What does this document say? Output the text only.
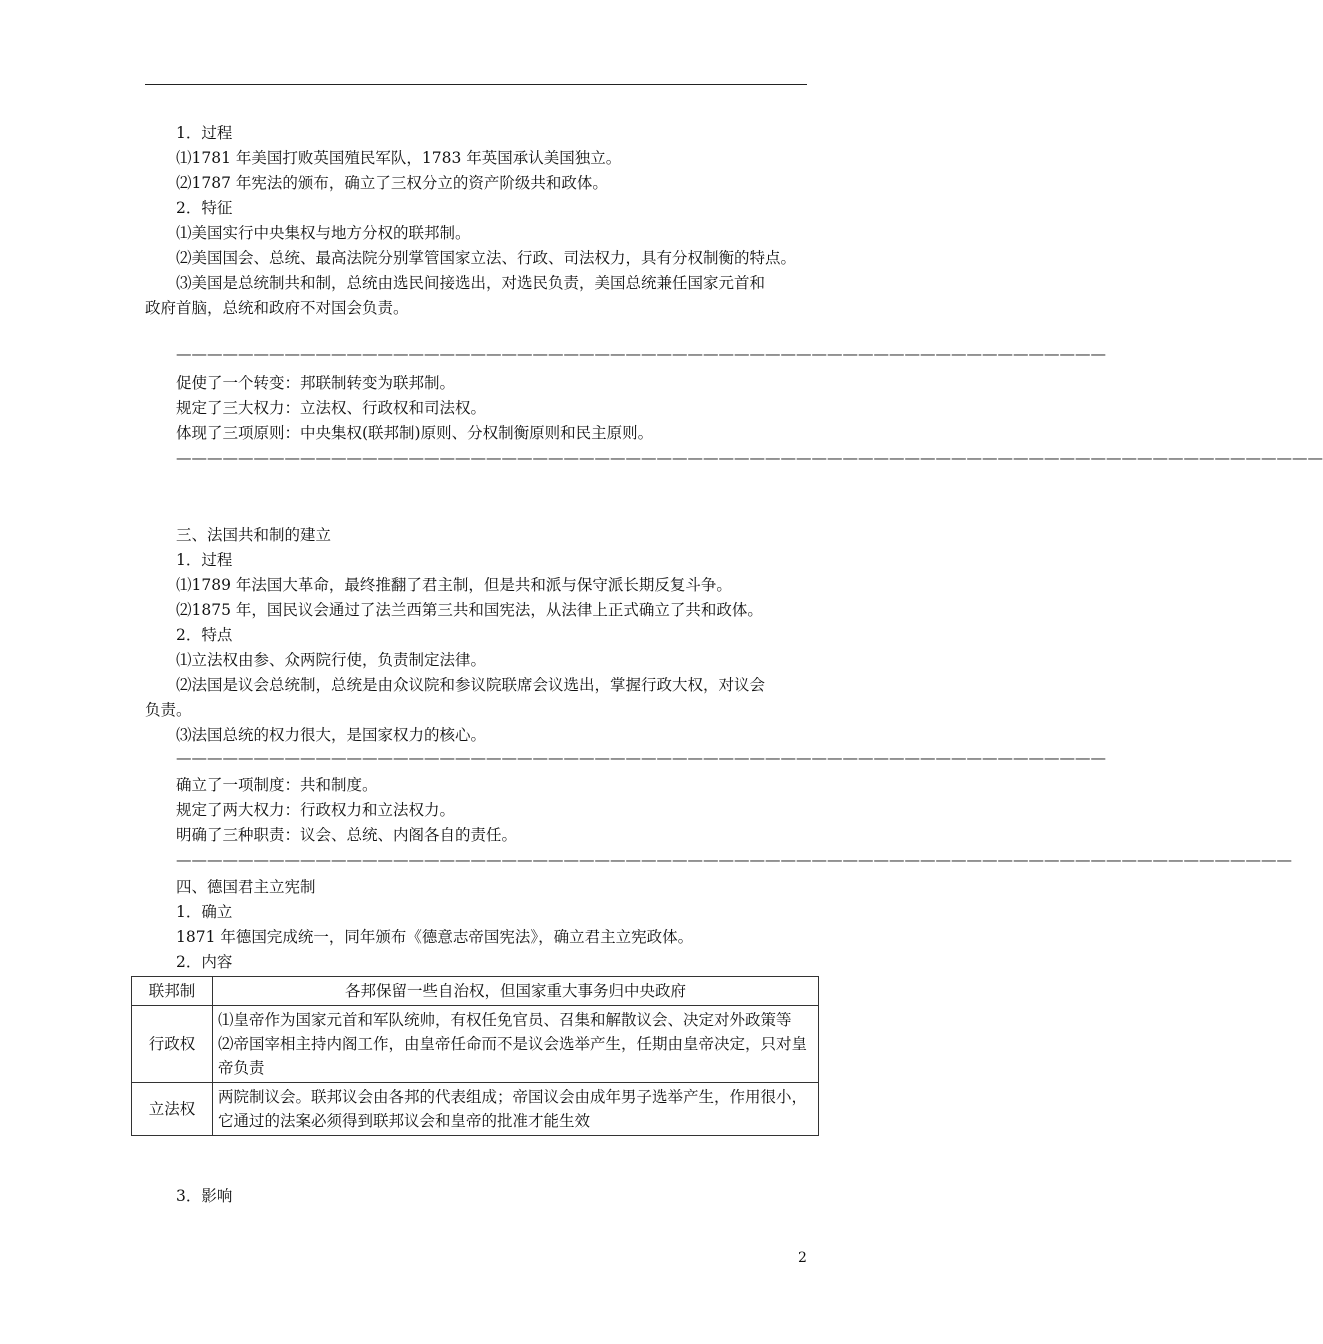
1．过程
⑴1781 年美国打败英国殖民军队，1783 年英国承认美国独立。
⑵1787 年宪法的颁布，确立了三权分立的资产阶级共和政体。
2．特征
⑴美国实行中央集权与地方分权的联邦制。
⑵美国国会、总统、最高法院分别掌管国家立法、行政、司法权力，具有分权制衡的特点。
⑶美国是总统制共和制，总统由选民间接选出，对选民负责，美国总统兼任国家元首和
政府首脑，总统和政府不对国会负责。
————————————————————————————————————————————————————————————
促使了一个转变：邦联制转变为联邦制。
规定了三大权力：立法权、行政权和司法权。
体现了三项原则：中央集权(联邦制)原则、分权制衡原则和民主原则。
——————————————————————————————————————————————————————————————————————————
三、法国共和制的建立
1．过程
⑴1789 年法国大革命，最终推翻了君主制，但是共和派与保守派长期反复斗争。
⑵1875 年，国民议会通过了法兰西第三共和国宪法，从法律上正式确立了共和政体。
2．特点
⑴立法权由参、众两院行使，负责制定法律。
⑵法国是议会总统制，总统是由众议院和参议院联席会议选出，掌握行政大权，对议会
负责。
⑶法国总统的权力很大，是国家权力的核心。
————————————————————————————————————————————————————————————
确立了一项制度：共和制度。
规定了两大权力：行政权力和立法权力。
明确了三种职责：议会、总统、内阁各自的责任。
————————————————————————————————————————————————————————————————————————
四、德国君主立宪制
1．确立
1871 年德国完成统一，同年颁布《德意志帝国宪法》，确立君主立宪政体。
2．内容
联邦制	各邦保留一些自治权，但国家重大事务归中央政府
行政权	⑴皇帝作为国家元首和军队统帅，有权任免官员、召集和解散议会、决定对外政策等
⑵帝国宰相主持内阁工作，由皇帝任命而不是议会选举产生，任期由皇帝决定，只对皇帝负责

立法权	两院制议会。联邦议会由各邦的代表组成；帝国议会由成年男子选举产生，作用很小，它通过的法案必须得到联邦议会和皇帝的批准才能生效
3．影响
2
